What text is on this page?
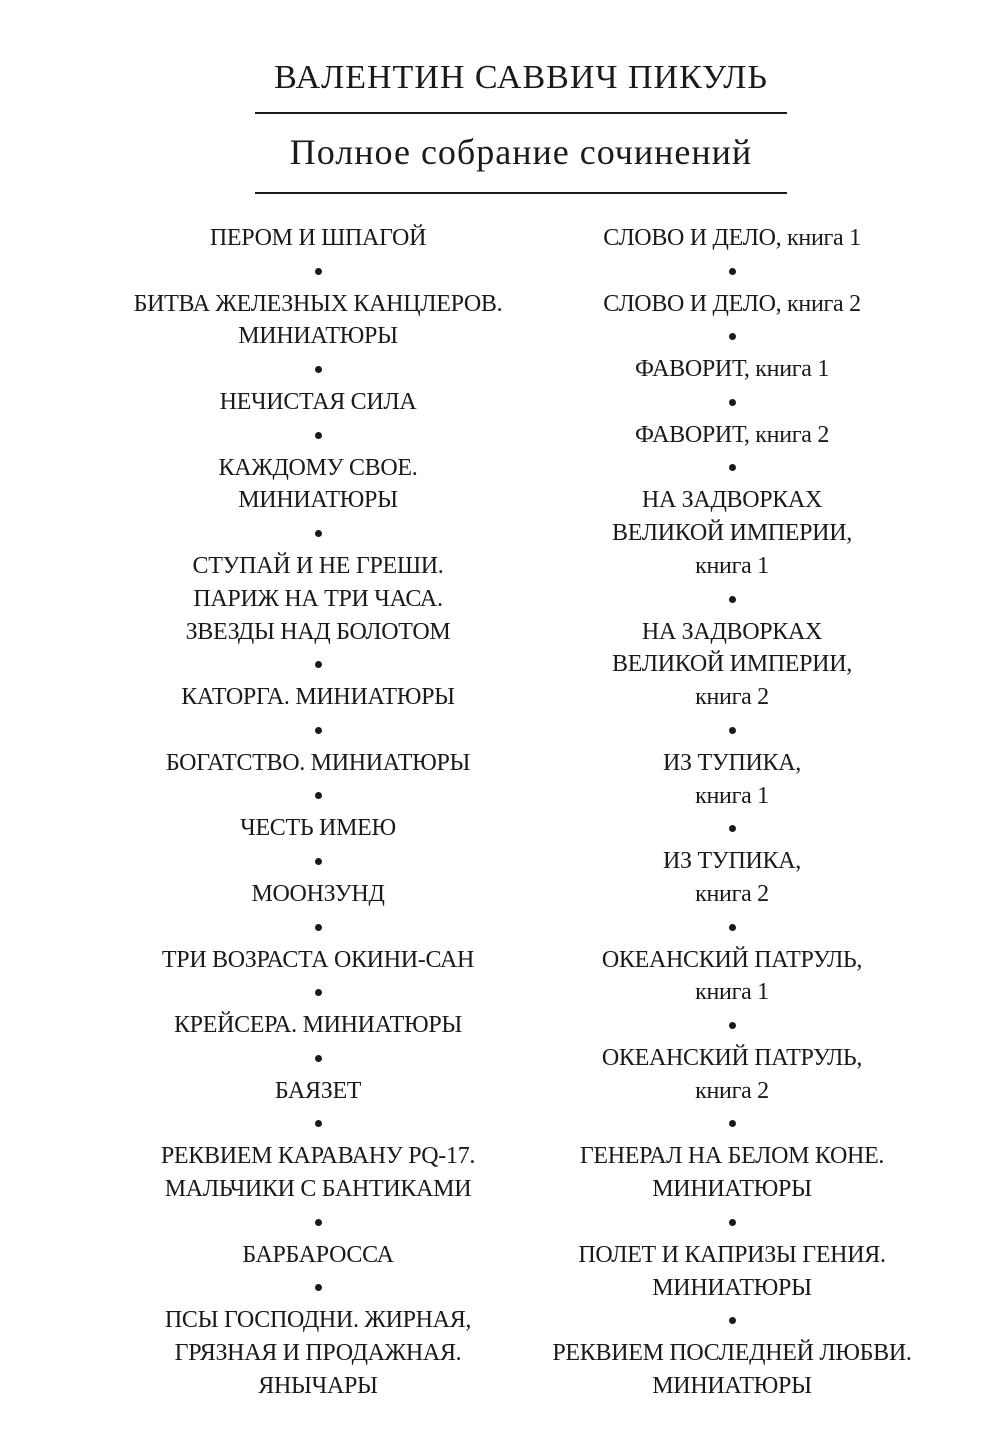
ВАЛЕНТИН САВВИЧ ПИКУЛЬ
Полное собрание сочинений
ПЕРОМ И ШПАГОЙ
БИТВА ЖЕЛЕЗНЫХ КАНЦЛЕРОВ.
МИНИАТЮРЫ
НЕЧИСТАЯ СИЛА
КАЖДОМУ СВОЕ.
МИНИАТЮРЫ
СТУПАЙ И НЕ ГРЕШИ.
ПАРИЖ НА ТРИ ЧАСА.
ЗВЕЗДЫ НАД БОЛОТОМ
КАТОРГА. МИНИАТЮРЫ
БОГАТСТВО. МИНИАТЮРЫ
ЧЕСТЬ ИМЕЮ
МООНЗУНД
ТРИ ВОЗРАСТА ОКИНИ-САН
КРЕЙСЕРА. МИНИАТЮРЫ
БАЯЗЕТ
РЕКВИЕМ КАРАВАНУ PQ-17.
МАЛЬЧИКИ С БАНТИКАМИ
БАРБАРОССА
ПСЫ ГОСПОДНИ. ЖИРНАЯ,
ГРЯЗНАЯ И ПРОДАЖНАЯ.
ЯНЫЧАРЫ
СЛОВО И ДЕЛО, книга 1
СЛОВО И ДЕЛО, книга 2
ФАВОРИТ, книга 1
ФАВОРИТ, книга 2
НА ЗАДВОРКАХ
ВЕЛИКОЙ ИМПЕРИИ,
книга 1
НА ЗАДВОРКАХ
ВЕЛИКОЙ ИМПЕРИИ,
книга 2
ИЗ ТУПИКА,
книга 1
ИЗ ТУПИКА,
книга 2
ОКЕАНСКИЙ ПАТРУЛЬ,
книга 1
ОКЕАНСКИЙ ПАТРУЛЬ,
книга 2
ГЕНЕРАЛ НА БЕЛОМ КОНЕ.
МИНИАТЮРЫ
ПОЛЕТ И КАПРИЗЫ ГЕНИЯ.
МИНИАТЮРЫ
РЕКВИЕМ ПОСЛЕДНЕЙ ЛЮБВИ.
МИНИАТЮРЫ
